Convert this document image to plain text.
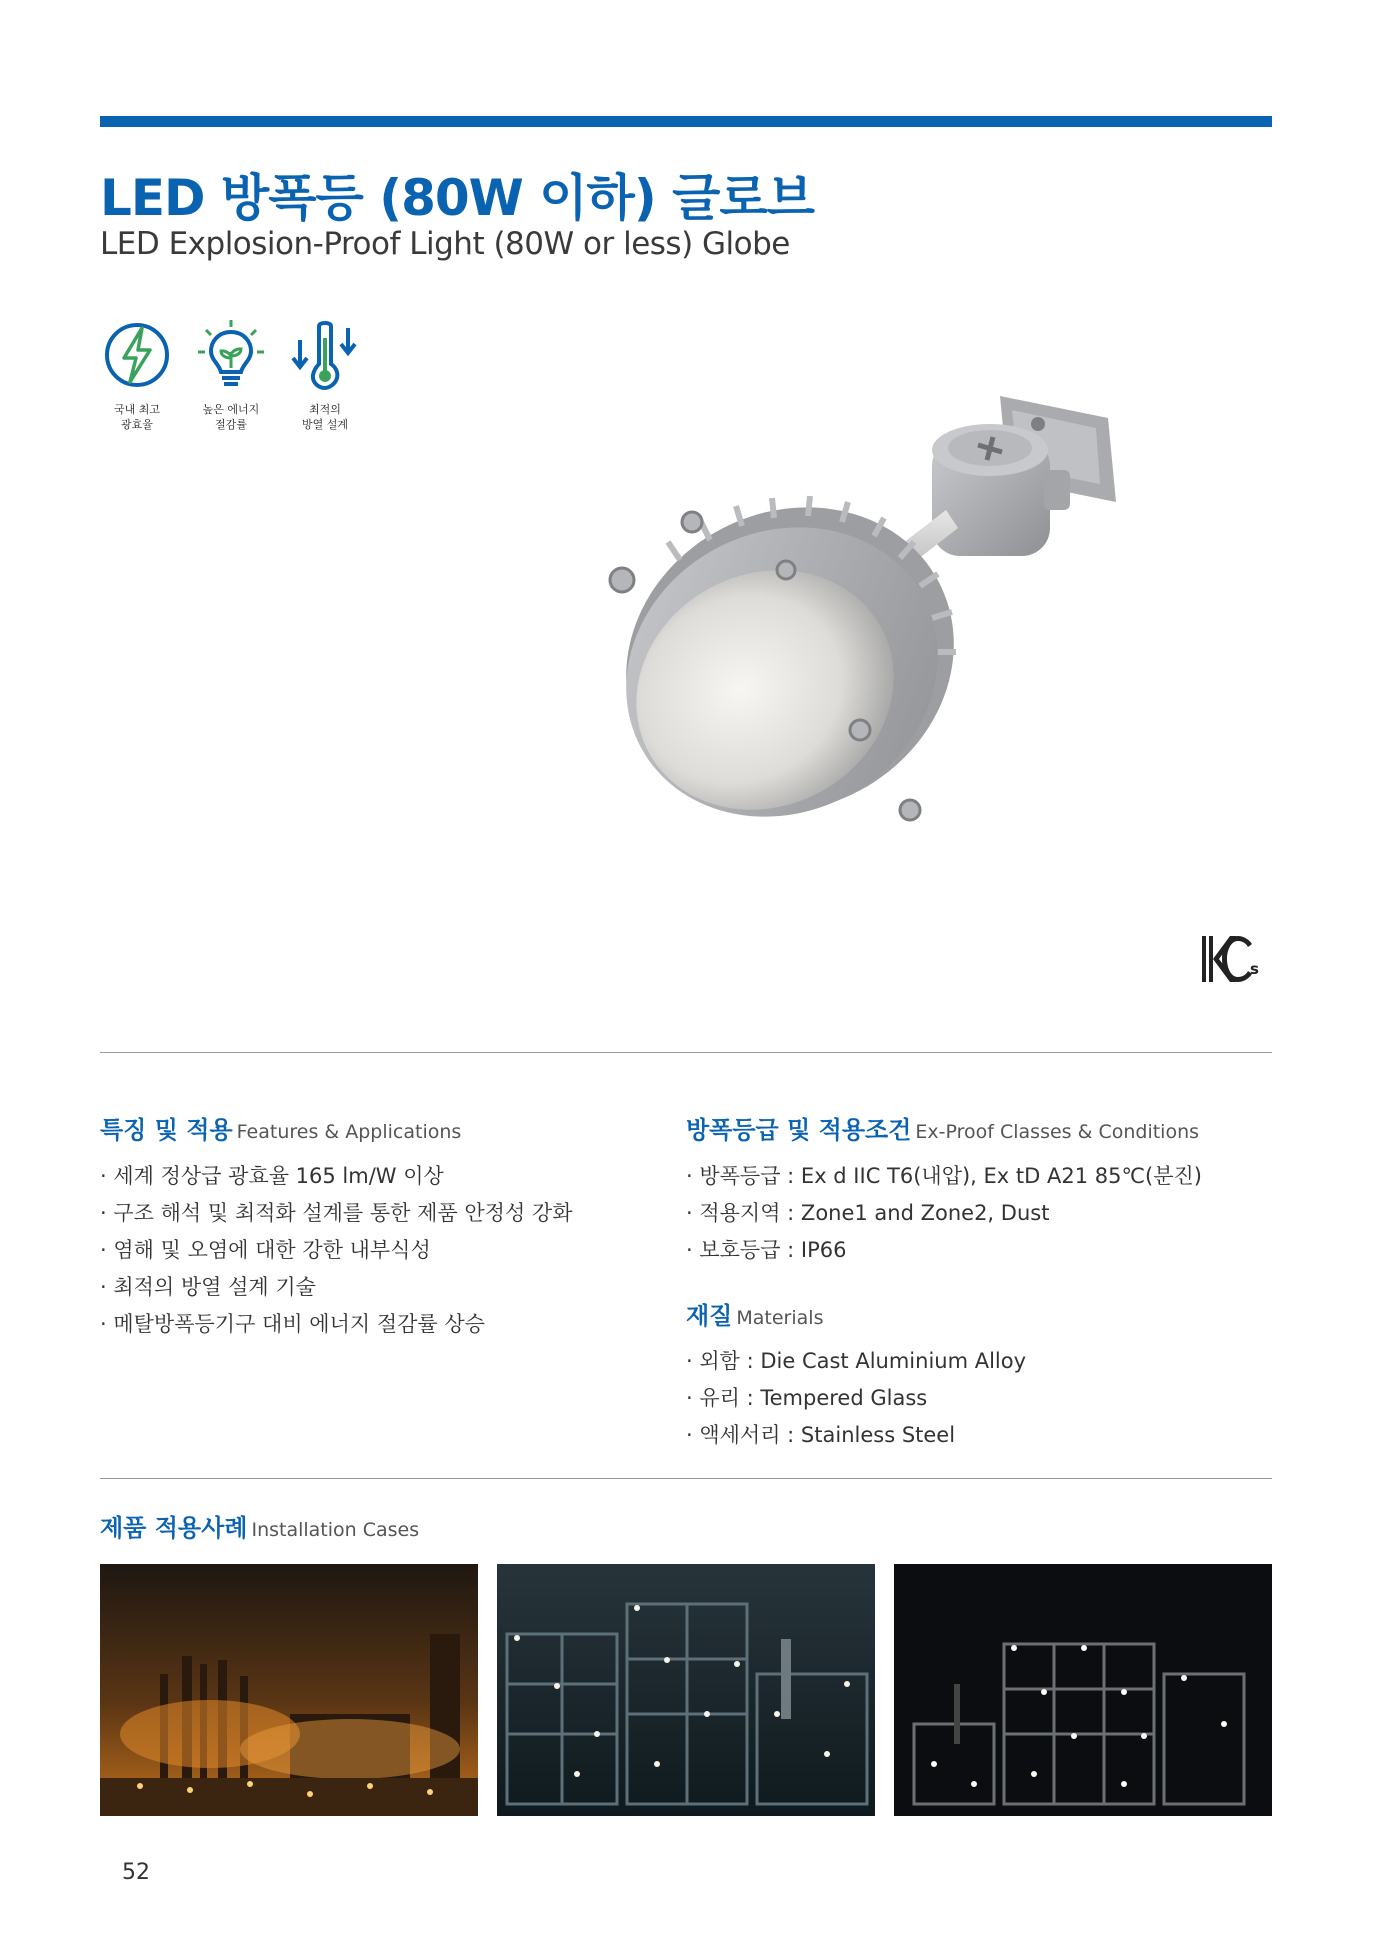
LED 방폭등 (80W 이하) 글로브
LED Explosion-Proof Light (80W or less) Globe
국내 최고
광효율
높은 에너지
절감률
최적의
방열 설계
s
특징 및 적용 Features & Applications
· 세계 정상급 광효율 165 lm/W 이상
· 구조 해석 및 최적화 설계를 통한 제품 안정성 강화
· 염해 및 오염에 대한 강한 내부식성
· 최적의 방열 설계 기술
· 메탈방폭등기구 대비 에너지 절감률 상승
방폭등급 및 적용조건 Ex-Proof Classes & Conditions
· 방폭등급 : Ex d IIC T6(내압), Ex tD A21 85℃(분진)
· 적용지역 : Zone1 and Zone2, Dust
· 보호등급 : IP66
재질 Materials
· 외함 : Die Cast Aluminium Alloy
· 유리 : Tempered Glass
· 액세서리 : Stainless Steel
제품 적용사례 Installation Cases
52
